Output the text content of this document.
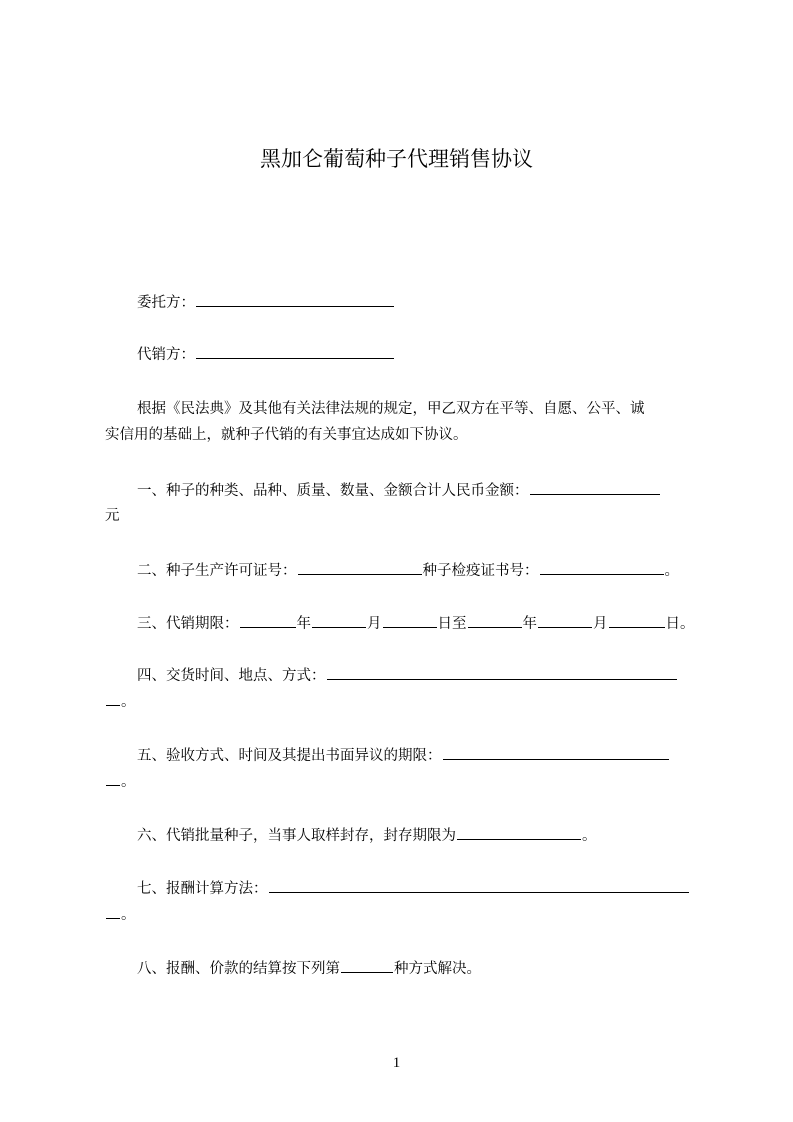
黑加仑葡萄种子代理销售协议
委托方：
代销方：
根据《民法典》及其他有关法律法规的规定，甲乙双方在平等、自愿、公平、诚
实信用的基础上，就种子代销的有关事宜达成如下协议。
一、种子的种类、品种、质量、数量、金额合计人民币金额：
元
二、种子生产许可证号：	种子检疫证书号：	。
三、代销期限：	年	月	日至	年	月	日。
四、交货时间、地点、方式：
。
五、验收方式、时间及其提出书面异议的期限：
。
六、代销批量种子，当事人取样封存，封存期限为	。
七、报酬计算方法：
。
八、报酬、价款的结算按下列第	种方式解决。
1
